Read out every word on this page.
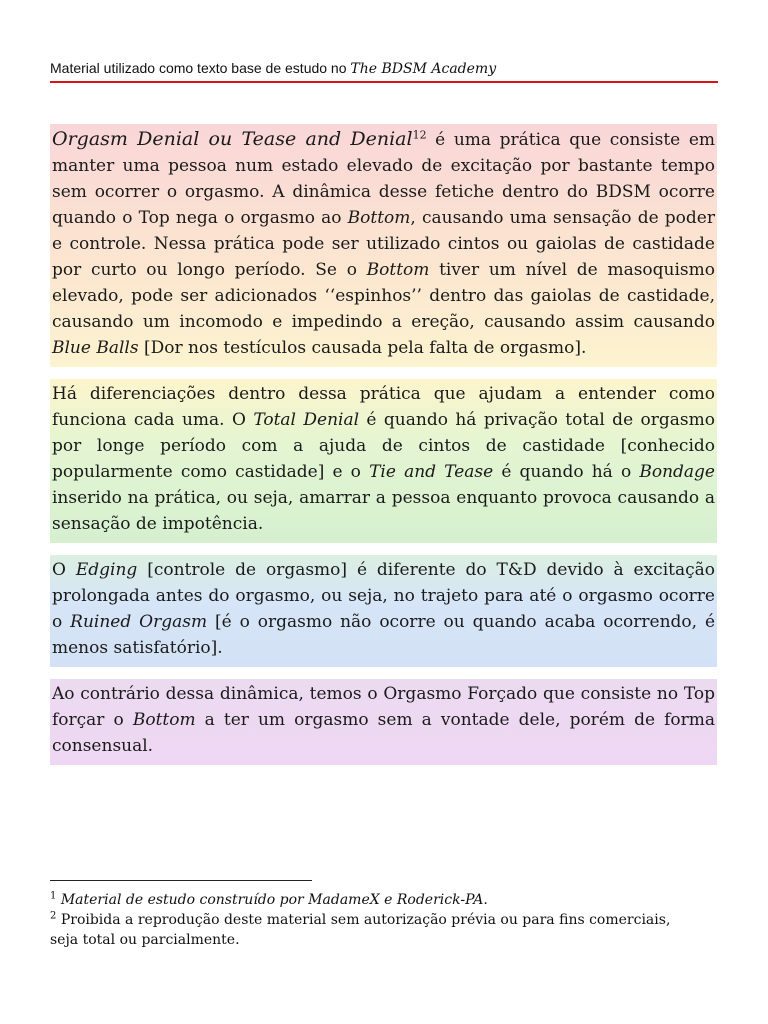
Material utilizado como texto base de estudo no The BDSM Academy

Orgasm Denial ou Tease and Denial$^{12}$ é uma prática que consiste em manter uma pessoa num estado elevado de excitação por bastante tempo sem ocorrer o orgasmo. A dinâmica desse fetiche dentro do BDSM ocorre quando o Top nega o orgasmo ao Bottom, causando uma sensação de poder e controle. Nessa prática pode ser utilizado cintos ou gaiolas de castidade por curto ou longo período. Se o Bottom tiver um nível de masoquismo elevado, pode ser adicionados ‘‘espinhos’’ dentro das gaiolas de castidade, causando um incomodo e impedindo a ereção, causando assim causando Blue Balls [Dor nos testículos causada pela falta de orgasmo].

Há diferenciações dentro dessa prática que ajudam a entender como funciona cada uma. O Total Denial é quando há privação total de orgasmo por longe período com a ajuda de cintos de castidade [conhecido popularmente como castidade] e o Tie and Tease é quando há o Bondage inserido na prática, ou seja, amarrar a pessoa enquanto provoca causando a sensação de impotência.

O Edging [controle de orgasmo] é diferente do T&D devido à excitação prolongada antes do orgasmo, ou seja, no trajeto para até o orgasmo ocorre o Ruined Orgasm [é o orgasmo não ocorre ou quando acaba ocorrendo, é menos satisfatório].

Ao contrário dessa dinâmica, temos o Orgasmo Forçado que consiste no Top forçar o Bottom a ter um orgasmo sem a vontade dele, porém de forma consensual.

$^1$ Material de estudo construído por MadameX e Roderick-PA.
$^2$ Proibida a reprodução deste material sem autorização prévia ou para fins comerciais, seja total ou parcialmente.
